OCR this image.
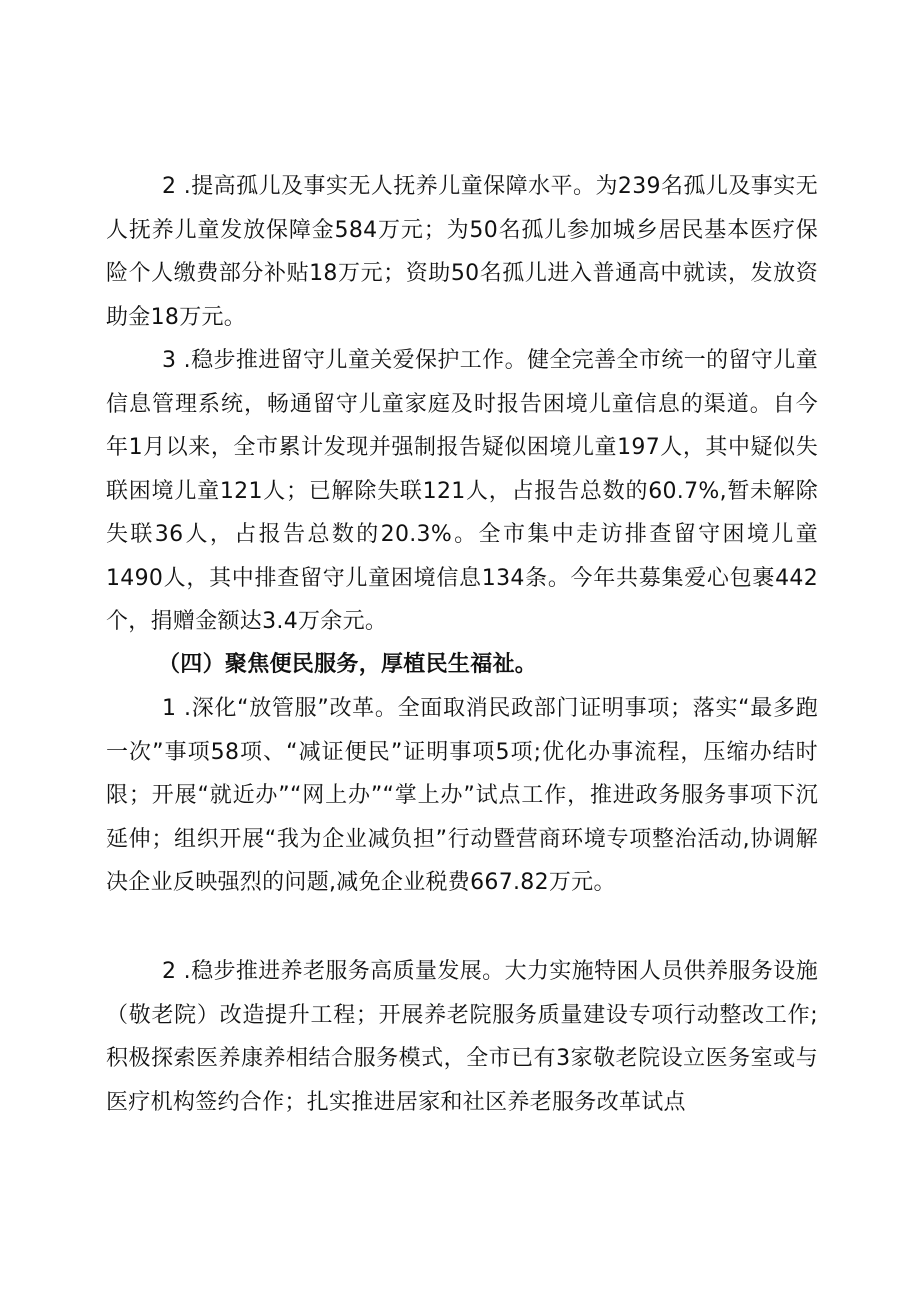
2 .提高孤儿及事实无人抚养儿童保障水平。为239名孤儿及事实无人抚养儿童发放保障金584万元；为50名孤儿参加城乡居民基本医疗保险个人缴费部分补贴18万元；资助50名孤儿进入普通高中就读，发放资助金18万元。

3 .稳步推进留守儿童关爱保护工作。健全完善全市统一的留守儿童信息管理系统，畅通留守儿童家庭及时报告困境儿童信息的渠道。自今年1月以来，全市累计发现并强制报告疑似困境儿童197人，其中疑似失联困境儿童121人；已解除失联121人，占报告总数的60.7%,暂未解除失联36人，占报告总数的20.3%。全市集中走访排查留守困境儿童1490人，其中排查留守儿童困境信息134条。今年共募集爱心包裹442个，捐赠金额达3.4万余元。

（四）聚焦便民服务，厚植民生福祉。

1 .深化“放管服”改革。全面取消民政部门证明事项；落实“最多跑一次”事项58项、“减证便民”证明事项5项;优化办事流程，压缩办结时限；开展“就近办”“网上办”“掌上办”试点工作，推进政务服务事项下沉延伸；组织开展“我为企业减负担”行动暨营商环境专项整治活动,协调解决企业反映强烈的问题,减免企业税费667.82万元。

2 .稳步推进养老服务高质量发展。大力实施特困人员供养服务设施（敬老院）改造提升工程；开展养老院服务质量建设专项行动整改工作;积极探索医养康养相结合服务模式，全市已有3家敬老院设立医务室或与医疗机构签约合作；扎实推进居家和社区养老服务改革试点
